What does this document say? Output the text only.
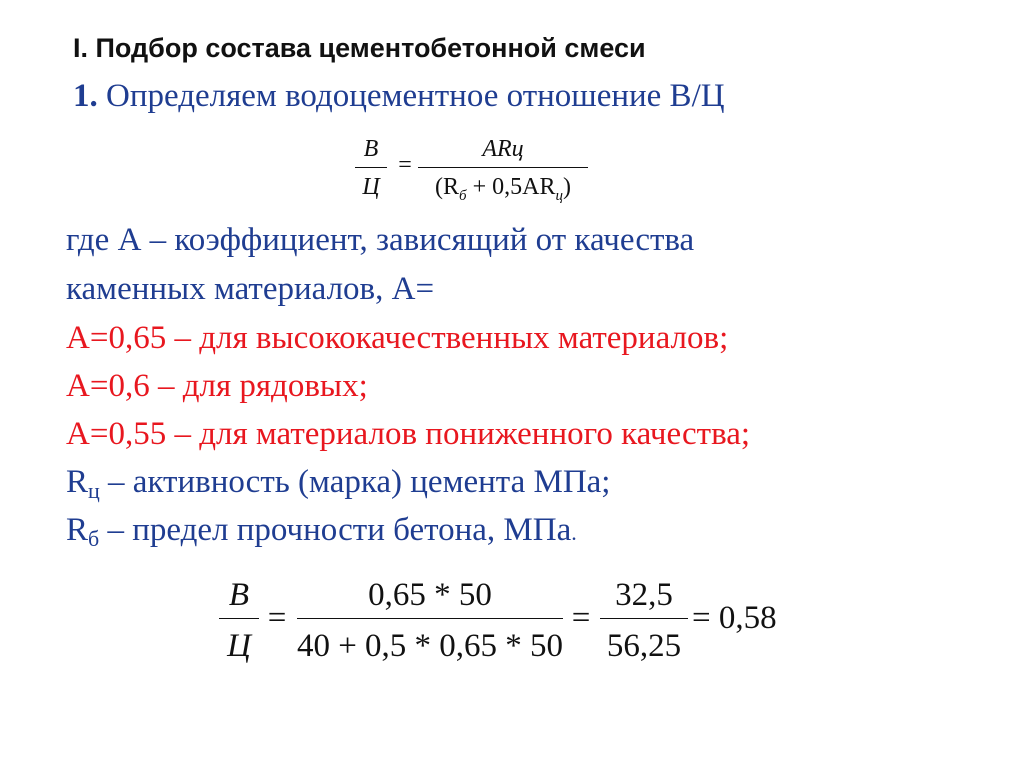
I. Подбор состава цементобетонной смеси
1. Определяем водоцементное отношение В/Ц
В
Ц
=
ARц
$(R_б + 0,5AR_ц)$
где А – коэффициент, зависящий от качества
каменных материалов, А=
А=0,65 – для высококачественных материалов;
А=0,6 – для рядовых;
А=0,55 – для материалов пониженного качества;
$R_ц$ – активность (марка) цемента МПа;
$R_б$ – предел прочности бетона, МПа.
В
Ц
=
0,65 * 50
40 + 0,5 * 0,65 * 50
=
32,5
56,25
= 0,58
